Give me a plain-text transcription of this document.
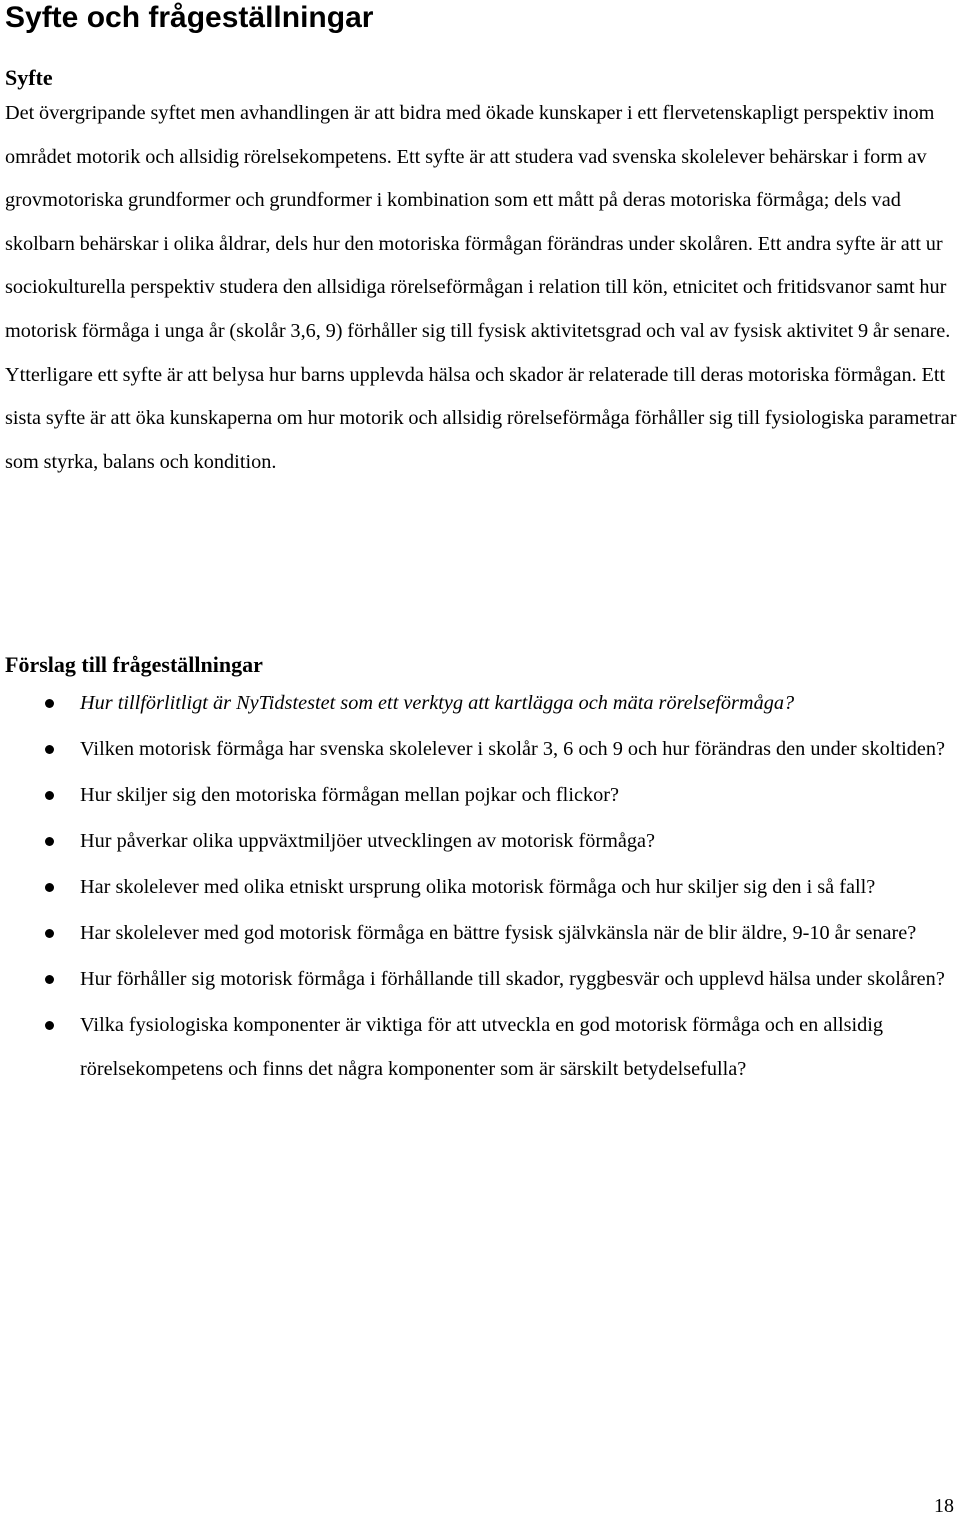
Syfte och frågeställningar
Syfte

Det övergripande syftet men avhandlingen är att bidra med ökade kunskaper i ett flervetenskapligt perspektiv inom området motorik och allsidig rörelsekompetens. Ett syfte är att studera vad svenska skolelever behärskar i form av grovmotoriska grundformer och grundformer i kombination som ett mått på deras motoriska förmåga; dels vad skolbarn behärskar i olika åldrar, dels hur den motoriska förmågan förändras under skolåren. Ett andra syfte är att ur sociokulturella perspektiv studera den allsidiga rörelseförmågan i relation till kön, etnicitet och fritidsvanor samt hur motorisk förmåga i unga år (skolår 3,6, 9) förhåller sig till fysisk aktivitetsgrad och val av fysisk aktivitet 9 år senare. Ytterligare ett syfte är att belysa hur barns upplevda hälsa och skador är relaterade till deras motoriska förmågan. Ett sista syfte är att öka kunskaperna om hur motorik och allsidig rörelseförmåga förhåller sig till fysiologiska parametrar som styrka, balans och kondition.

Förslag till frågeställningar
Hur tillförlitligt är NyTidstestet som ett verktyg att kartlägga och mäta rörelseförmåga?
Vilken motorisk förmåga har svenska skolelever i skolår 3, 6 och 9 och hur förändras den under skoltiden?
Hur skiljer sig den motoriska förmågan mellan pojkar och flickor?
Hur påverkar olika uppväxtmiljöer utvecklingen av motorisk förmåga?
Har skolelever med olika etniskt ursprung olika motorisk förmåga och hur skiljer sig den i så fall?
Har skolelever med god motorisk förmåga en bättre fysisk självkänsla när de blir äldre, 9-10 år senare?
Hur förhåller sig motorisk förmåga i förhållande till skador, ryggbesvär och upplevd hälsa under skolåren?
Vilka fysiologiska komponenter är viktiga för att utveckla en god motorisk förmåga och en allsidig rörelsekompetens och finns det några komponenter som är särskilt betydelsefulla?
18
